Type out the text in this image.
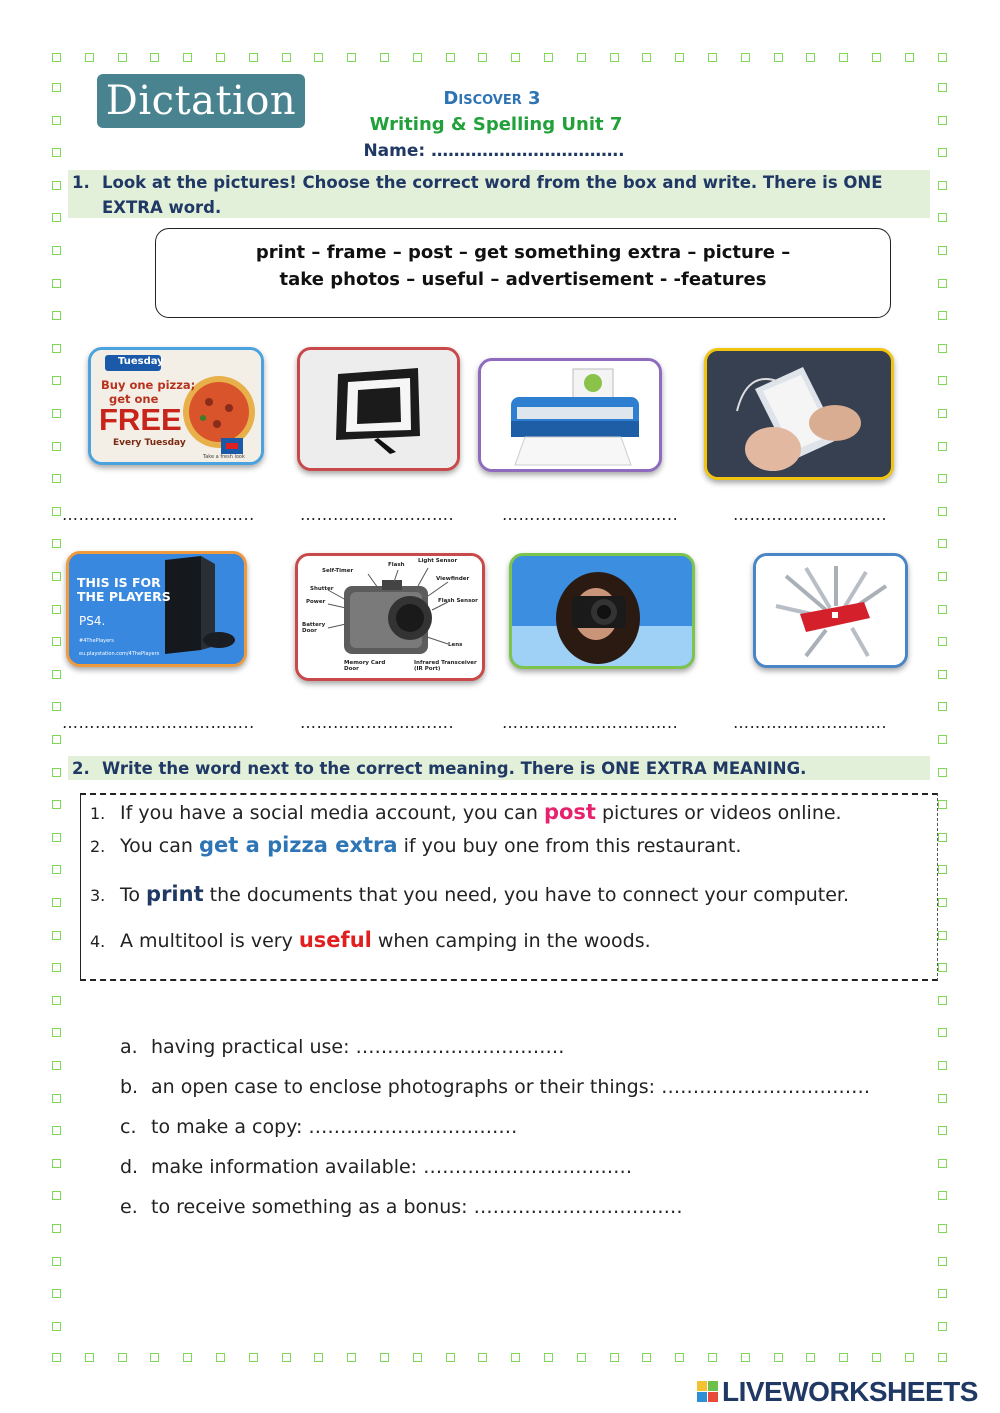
Dictation	Discover 3
Writing & Spelling Unit 7
Name: …………………………….
1. Look at the pictures! Choose the correct word from the box and write. There is ONE EXTRA word.
print – frame – post – get something extra – picture –
take photos – useful – advertisement - -features
Tuesday
Buy one pizza;
get one
FREE
Every Tuesday
Take a fresh look
……………………………..	……………………….	…………………………..	……………………….
THIS IS FOR
THE PLAYERS
PS4.
#4ThePlayers
eu.playstation.com/4ThePlayers
Self-Timer
Flash
Light Sensor
Viewfinder
Shutter
Power	Flash Sensor
Battery Door
Lens
Memory Card Door
Infrared Transceiver (IR Port)
……………………………..	……………………….	…………………………..	……………………….
2. Write the word next to the correct meaning. There is ONE EXTRA MEANING.
1. If you have a social media account, you can post pictures or videos online.
2. You can get a pizza extra if you buy one from this restaurant.
3. To print the documents that you need, you have to connect your computer.
4. A multitool is very useful when camping in the woods.
a. having practical use: ……………………………
b. an open case to enclose photographs or their things: ……………………………
c. to make a copy: ……………………………
d. make information available: ……………………………
e. to receive something as a bonus: ……………………………
LIVEWORKSHEETS
